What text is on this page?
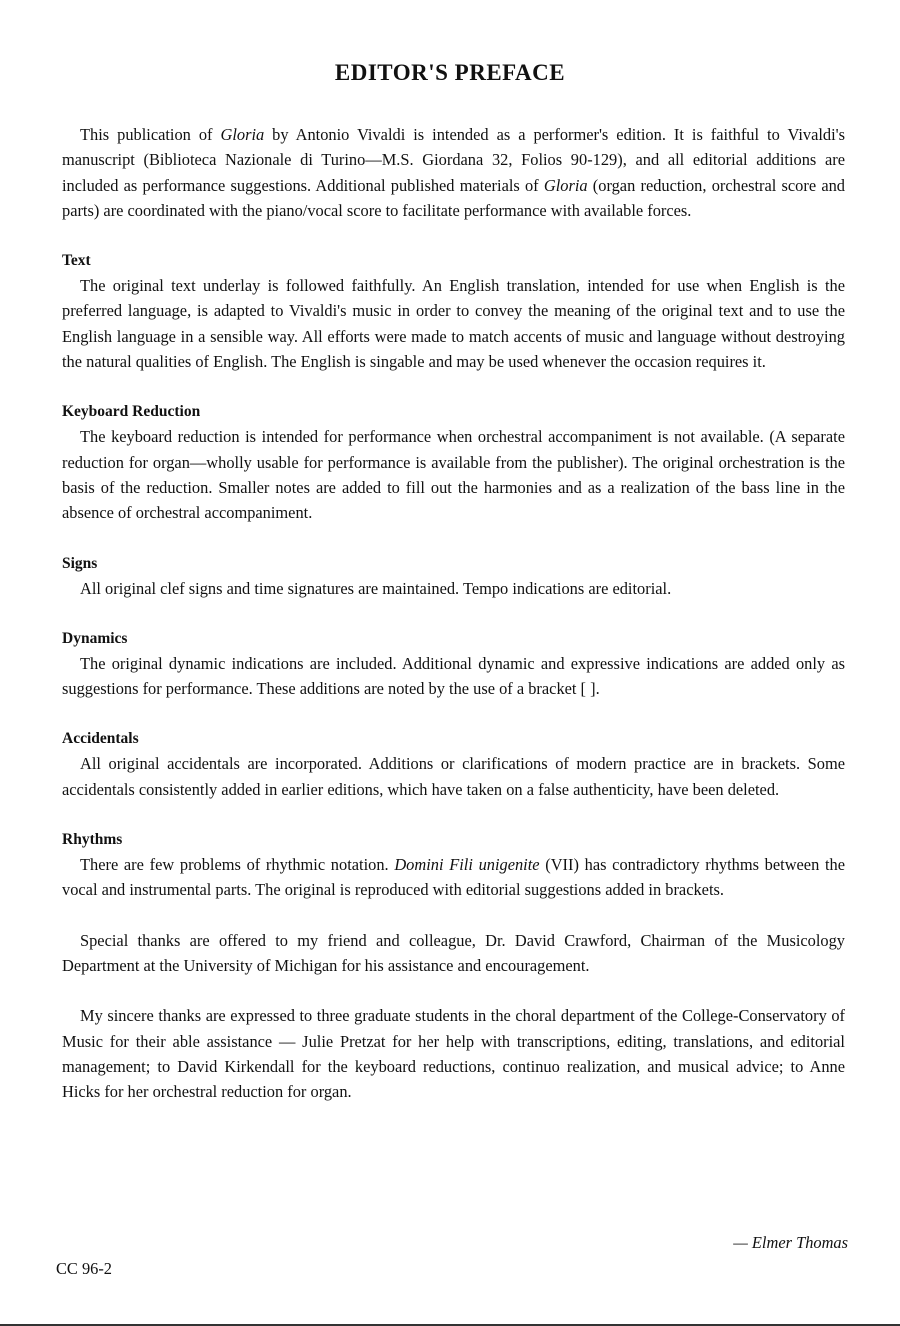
EDITOR'S PREFACE

This publication of Gloria by Antonio Vivaldi is intended as a performer's edition. It is faithful to Vivaldi's manuscript (Biblioteca Nazionale di Turino—M.S. Giordana 32, Folios 90-129), and all editorial additions are included as performance suggestions. Additional published materials of Gloria (organ reduction, orchestral score and parts) are coordinated with the piano/vocal score to facilitate performance with available forces.

Text

The original text underlay is followed faithfully. An English translation, intended for use when English is the preferred language, is adapted to Vivaldi's music in order to convey the meaning of the original text and to use the English language in a sensible way. All efforts were made to match accents of music and language without destroying the natural qualities of English. The English is singable and may be used whenever the occasion requires it.

Keyboard Reduction

The keyboard reduction is intended for performance when orchestral accompaniment is not available. (A separate reduction for organ—wholly usable for performance is available from the publisher). The original orchestration is the basis of the reduction. Smaller notes are added to fill out the harmonies and as a realization of the bass line in the absence of orchestral accompaniment.

Signs

All original clef signs and time signatures are maintained. Tempo indications are editorial.

Dynamics

The original dynamic indications are included. Additional dynamic and expressive indications are added only as suggestions for performance. These additions are noted by the use of a bracket [ ].

Accidentals

All original accidentals are incorporated. Additions or clarifications of modern practice are in brackets. Some accidentals consistently added in earlier editions, which have taken on a false authenticity, have been deleted.

Rhythms

There are few problems of rhythmic notation. Domini Fili unigenite (VII) has contradictory rhythms between the vocal and instrumental parts. The original is reproduced with editorial suggestions added in brackets.

Special thanks are offered to my friend and colleague, Dr. David Crawford, Chairman of the Musicology Department at the University of Michigan for his assistance and encouragement.

My sincere thanks are expressed to three graduate students in the choral department of the College-Conservatory of Music for their able assistance — Julie Pretzat for her help with transcriptions, editing, translations, and editorial management; to David Kirkendall for the keyboard reductions, continuo realization, and musical advice; to Anne Hicks for her orchestral reduction for organ.

— Elmer Thomas
CC 96-2
